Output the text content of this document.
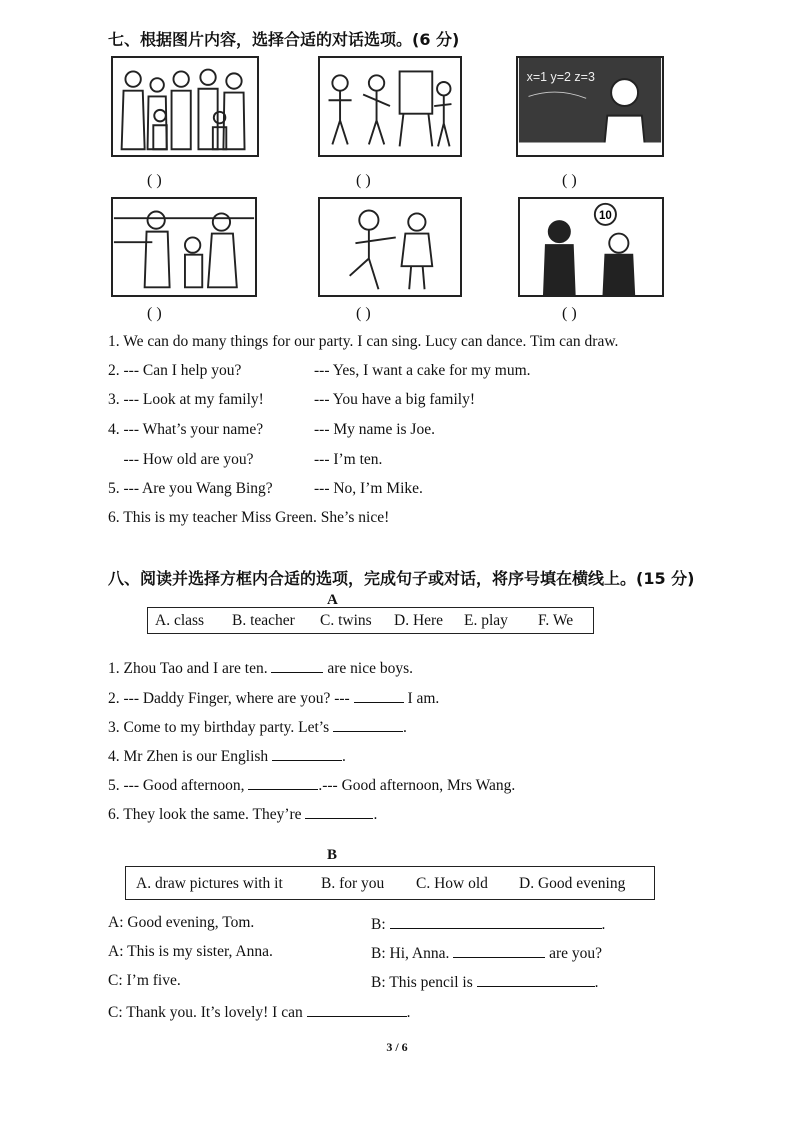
七、根据图片内容，选择合适的对话选项。(6 分)
x=1 y=2 z=3
( )	( )	( )
10
( )	( )	( )
1. We can do many things for our party. I can sing. Lucy can dance. Tim can draw.
2. --- Can I help you?	--- Yes, I want a cake for my mum.
3. --- Look at my family!	--- You have a big family!
4. --- What’s your name?	--- My name is Joe.
--- How old are you?	--- I’m ten.
5. --- Are you Wang Bing?	--- No, I’m Mike.
6. This is my teacher Miss Green. She’s nice!
八、阅读并选择方框内合适的选项，完成句子或对话，将序号填在横线上。(15 分)
A
A. class B. teacher C. twins D. Here E. play F. We
1. Zhou Tao and I are ten.	are nice boys.
2. --- Daddy Finger, where are you? ---	I am.
3. Come to my birthday party. Let’s	.
4. Mr Zhen is our English	.
5. --- Good afternoon,	.--- Good afternoon, Mrs Wang.
6. They look the same. They’re	.
B
A. draw pictures with it B. for you C. How old D. Good evening
A: Good evening, Tom.	B:	.
A: This is my sister, Anna.	B: Hi, Anna.	are you?
C: I’m five.	B: This pencil is	.
C: Thank you. It’s lovely! I can	.
3 / 6
